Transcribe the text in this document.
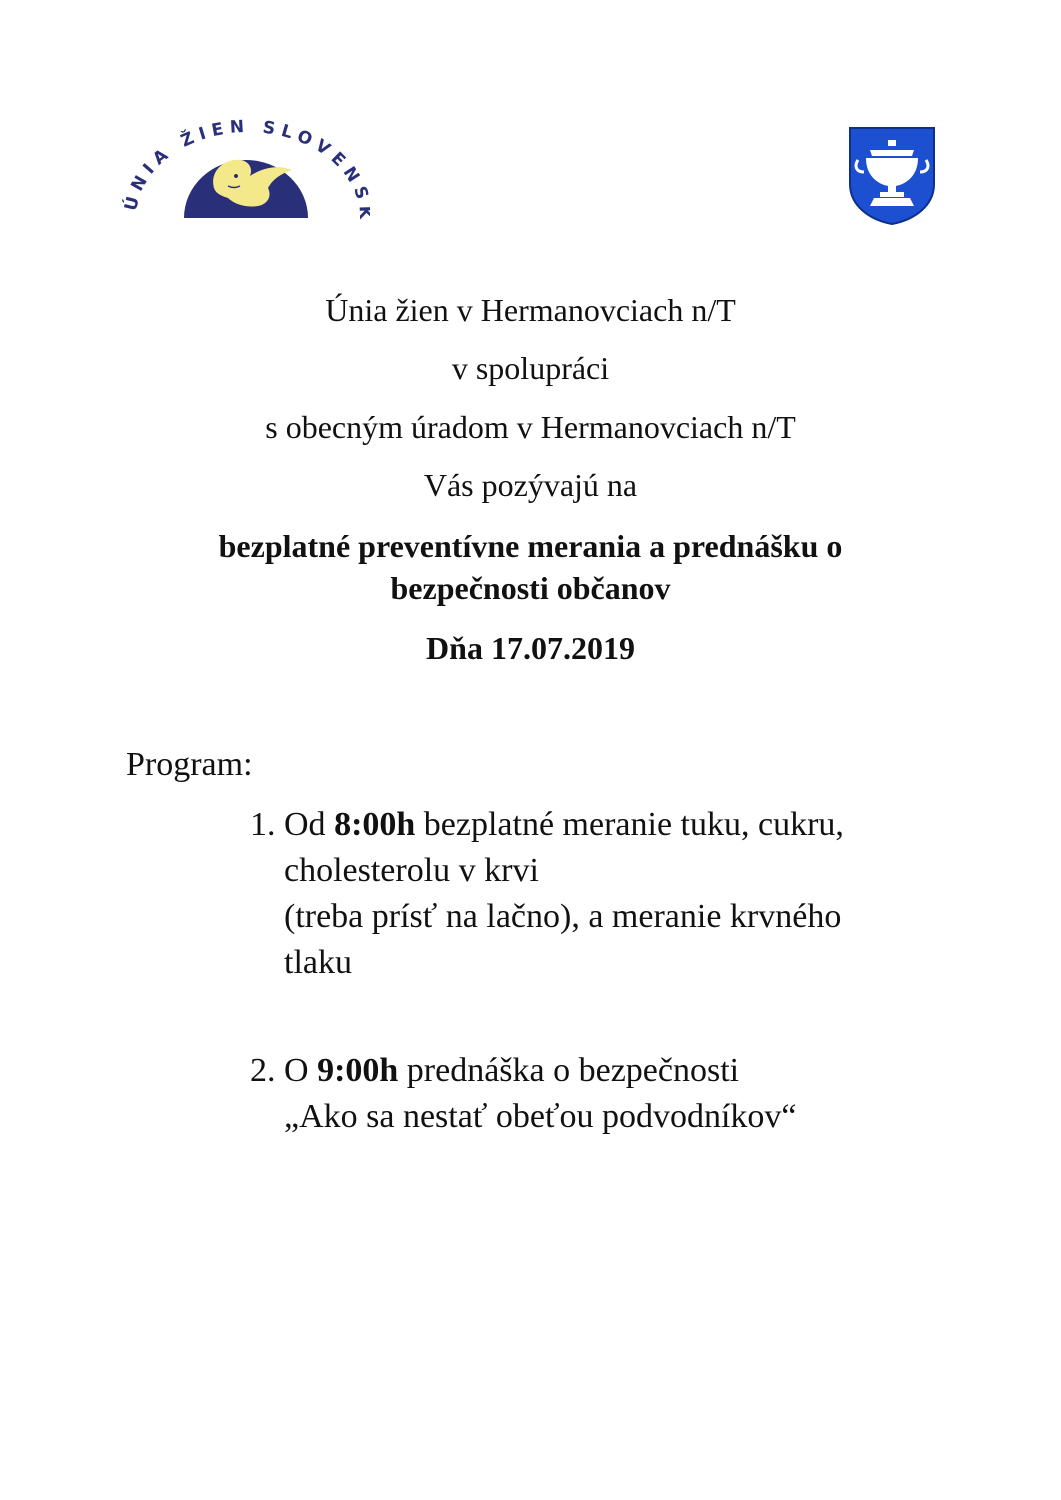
ÚNIA ŽIEN SLOVEN
Únia žien v Hermanovciach n/T
v spolupráci
s obecným úradom v Hermanovciach n/T
Vás pozývajú na
bezplatné preventívne merania a prednášku o
bezpečnosti občanov
Dňa 17.07.2019
Program:
1. Od 8:00h bezplatné meranie tuku, cukru,
cholesterolu v krvi
(treba prísť na lačno), a meranie krvného
tlaku
2. O 9:00h prednáška o bezpečnosti
„Ako sa nestať obeťou podvodníkov“
